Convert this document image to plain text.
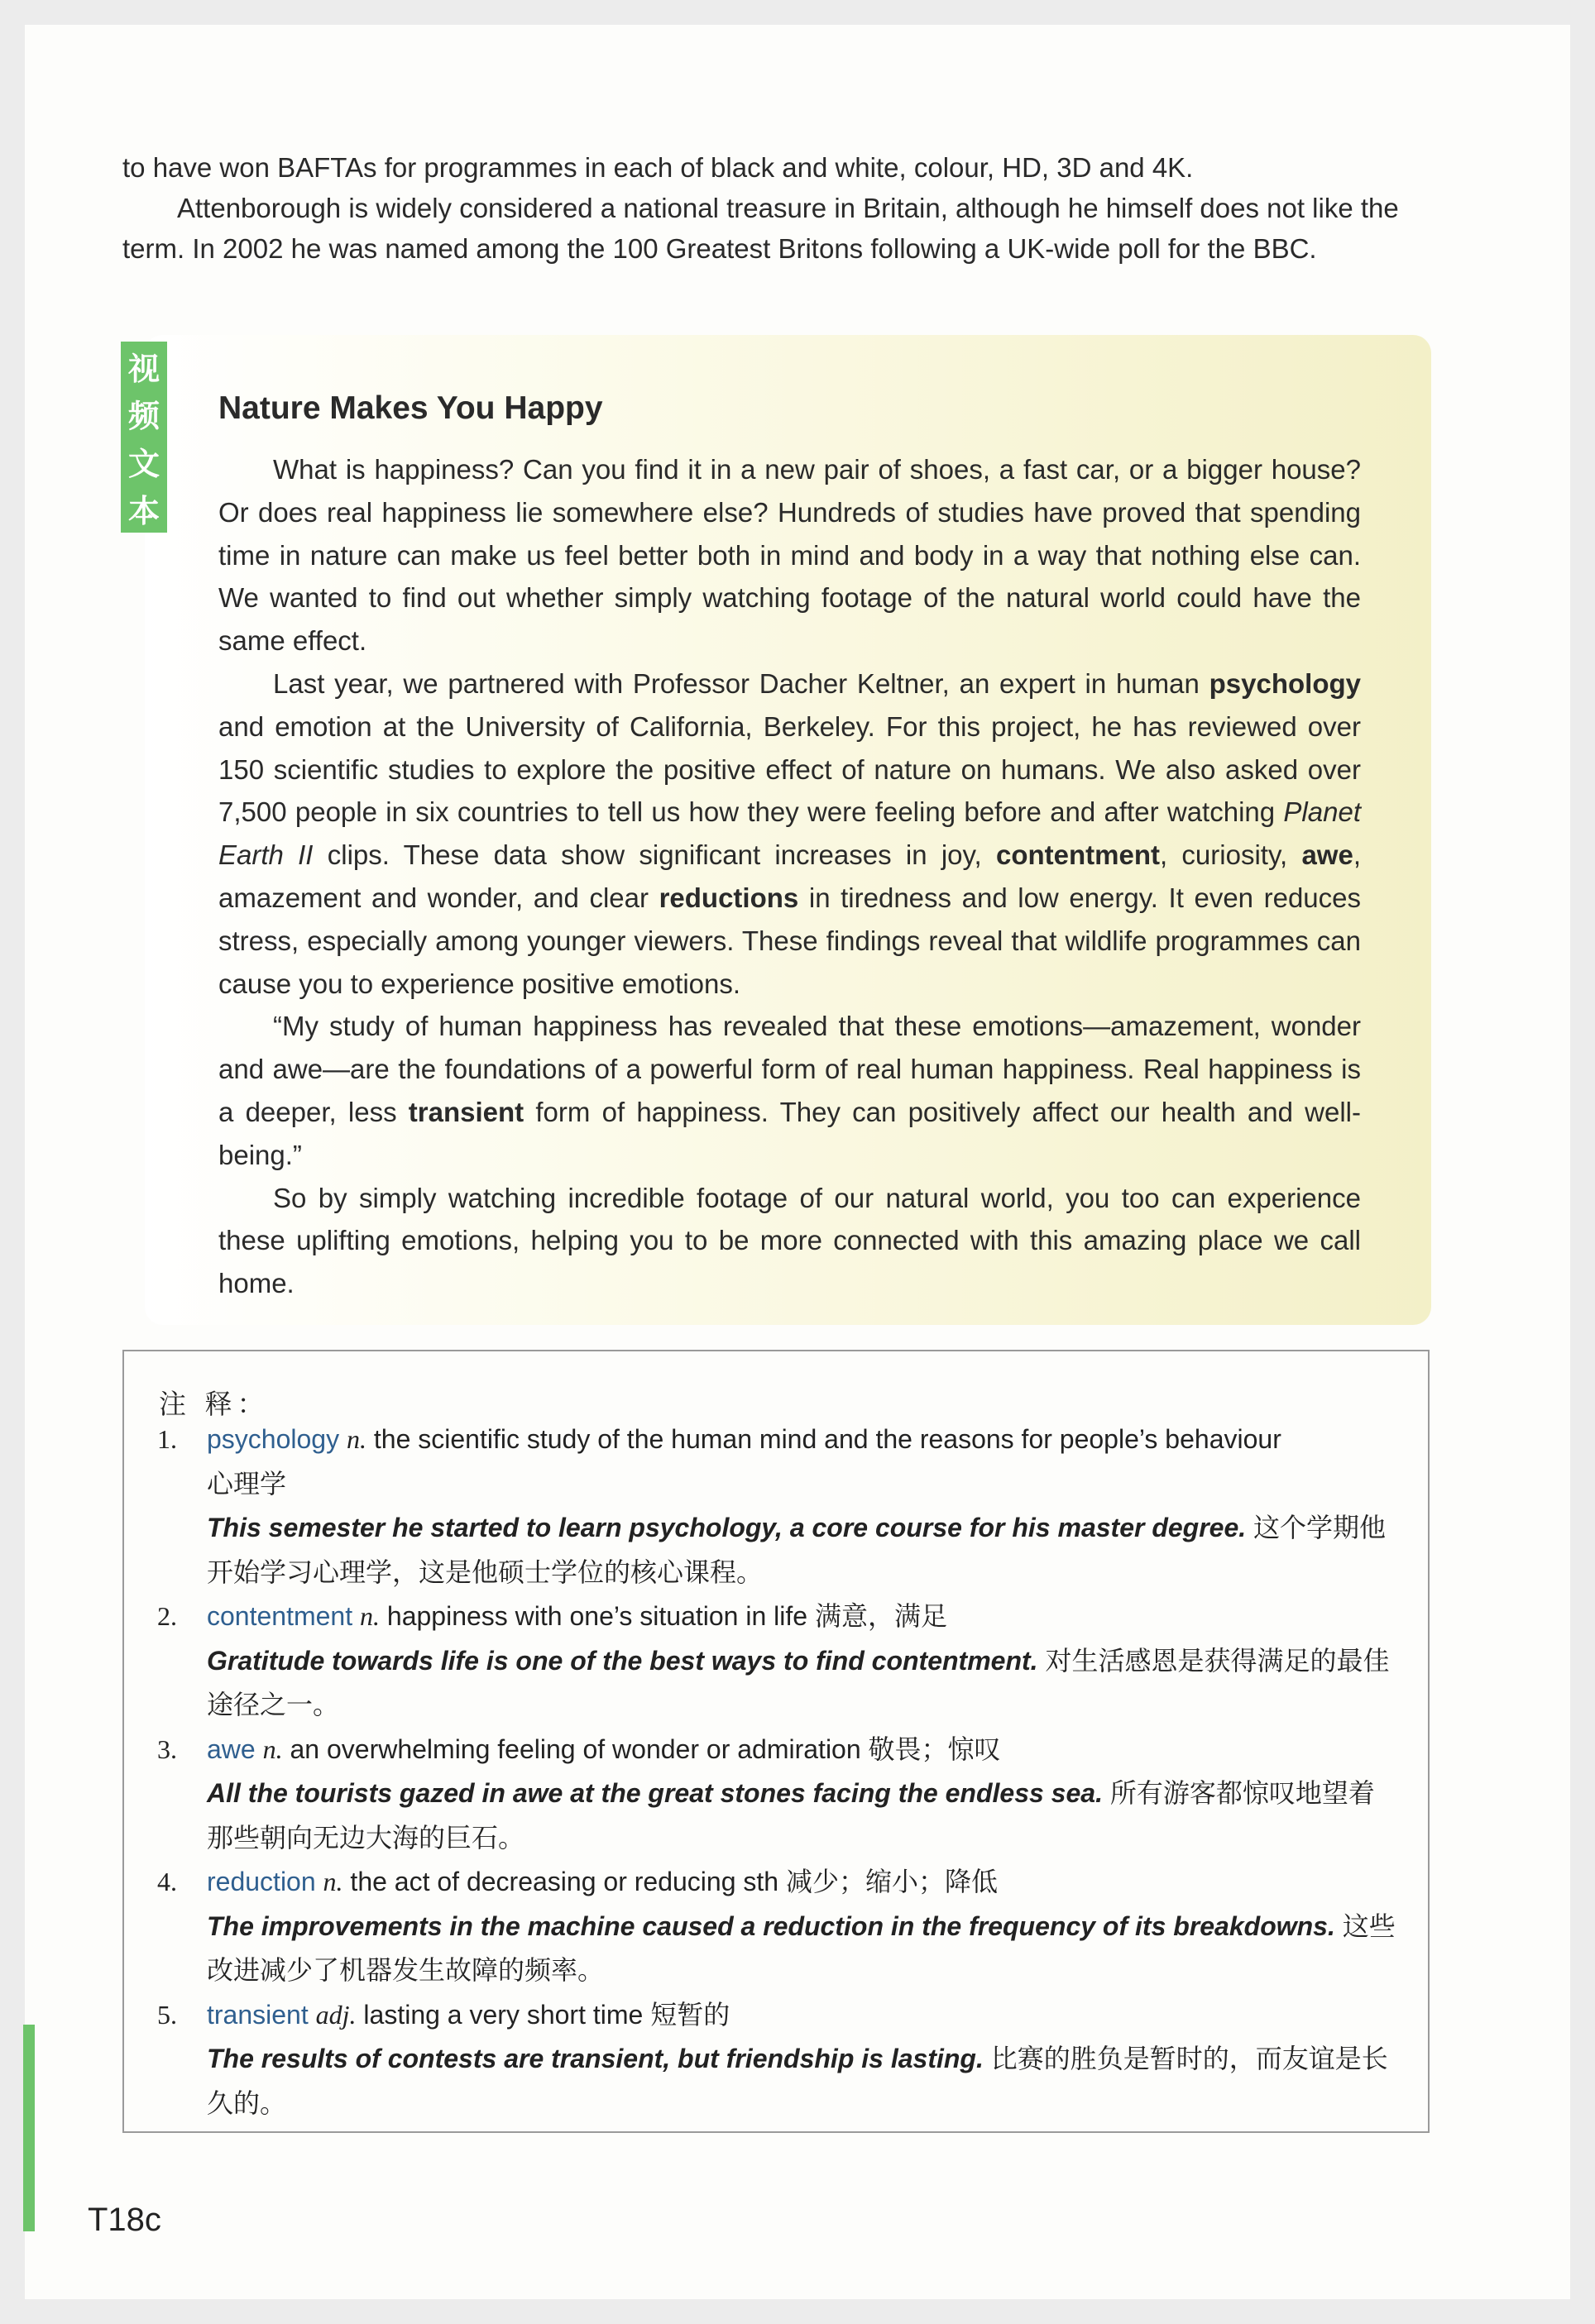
to have won BAFTAs for programmes in each of black and white, colour, HD, 3D and 4K.

Attenborough is widely considered a national treasure in Britain, although he himself does not like the term. In 2002 he was named among the 100 Greatest Britons following a UK-wide poll for the BBC.

视
频
文
本
Nature Makes You Happy

What is happiness? Can you find it in a new pair of shoes, a fast car, or a bigger house? Or does real happiness lie somewhere else? Hundreds of studies have proved that spending time in nature can make us feel better both in mind and body in a way that nothing else can. We wanted to find out whether simply watching footage of the natural world could have the same effect.

Last year, we partnered with Professor Dacher Keltner, an expert in human psychology and emotion at the University of California, Berkeley. For this project, he has reviewed over 150 scientific studies to explore the positive effect of nature on humans. We also asked over 7,500 people in six countries to tell us how they were feeling before and after watching Planet Earth II clips. These data show significant increases in joy, contentment, curiosity, awe, amazement and wonder, and clear reductions in tiredness and low energy. It even reduces stress, especially among younger viewers. These findings reveal that wildlife programmes can cause you to experience positive emotions.

“My study of human happiness has revealed that these emotions—amazement, wonder and awe—are the foundations of a powerful form of real human happiness. Real happiness is a deeper, less transient form of happiness. They can positively affect our health and well-being.”

So by simply watching incredible footage of our natural world, you too can experience these uplifting emotions, helping you to be more connected with this amazing place we call home.

注 释：
1. psychology n. the scientific study of the human mind and the reasons for people’s behaviour
心理学
This semester he started to learn psychology, a core course for his master degree. 这个学期他开始学习心理学，这是他硕士学位的核心课程。
2. contentment n. happiness with one’s situation in life 满意，满足
Gratitude towards life is one of the best ways to find contentment. 对生活感恩是获得满足的最佳途径之一。
3. awe n. an overwhelming feeling of wonder or admiration 敬畏；惊叹
All the tourists gazed in awe at the great stones facing the endless sea. 所有游客都惊叹地望着那些朝向无边大海的巨石。
4. reduction n. the act of decreasing or reducing sth 减少；缩小；降低
The improvements in the machine caused a reduction in the frequency of its breakdowns. 这些改进减少了机器发生故障的频率。
5. transient adj. lasting a very short time 短暂的
The results of contests are transient, but friendship is lasting. 比赛的胜负是暂时的，而友谊是长久的。
T18c
